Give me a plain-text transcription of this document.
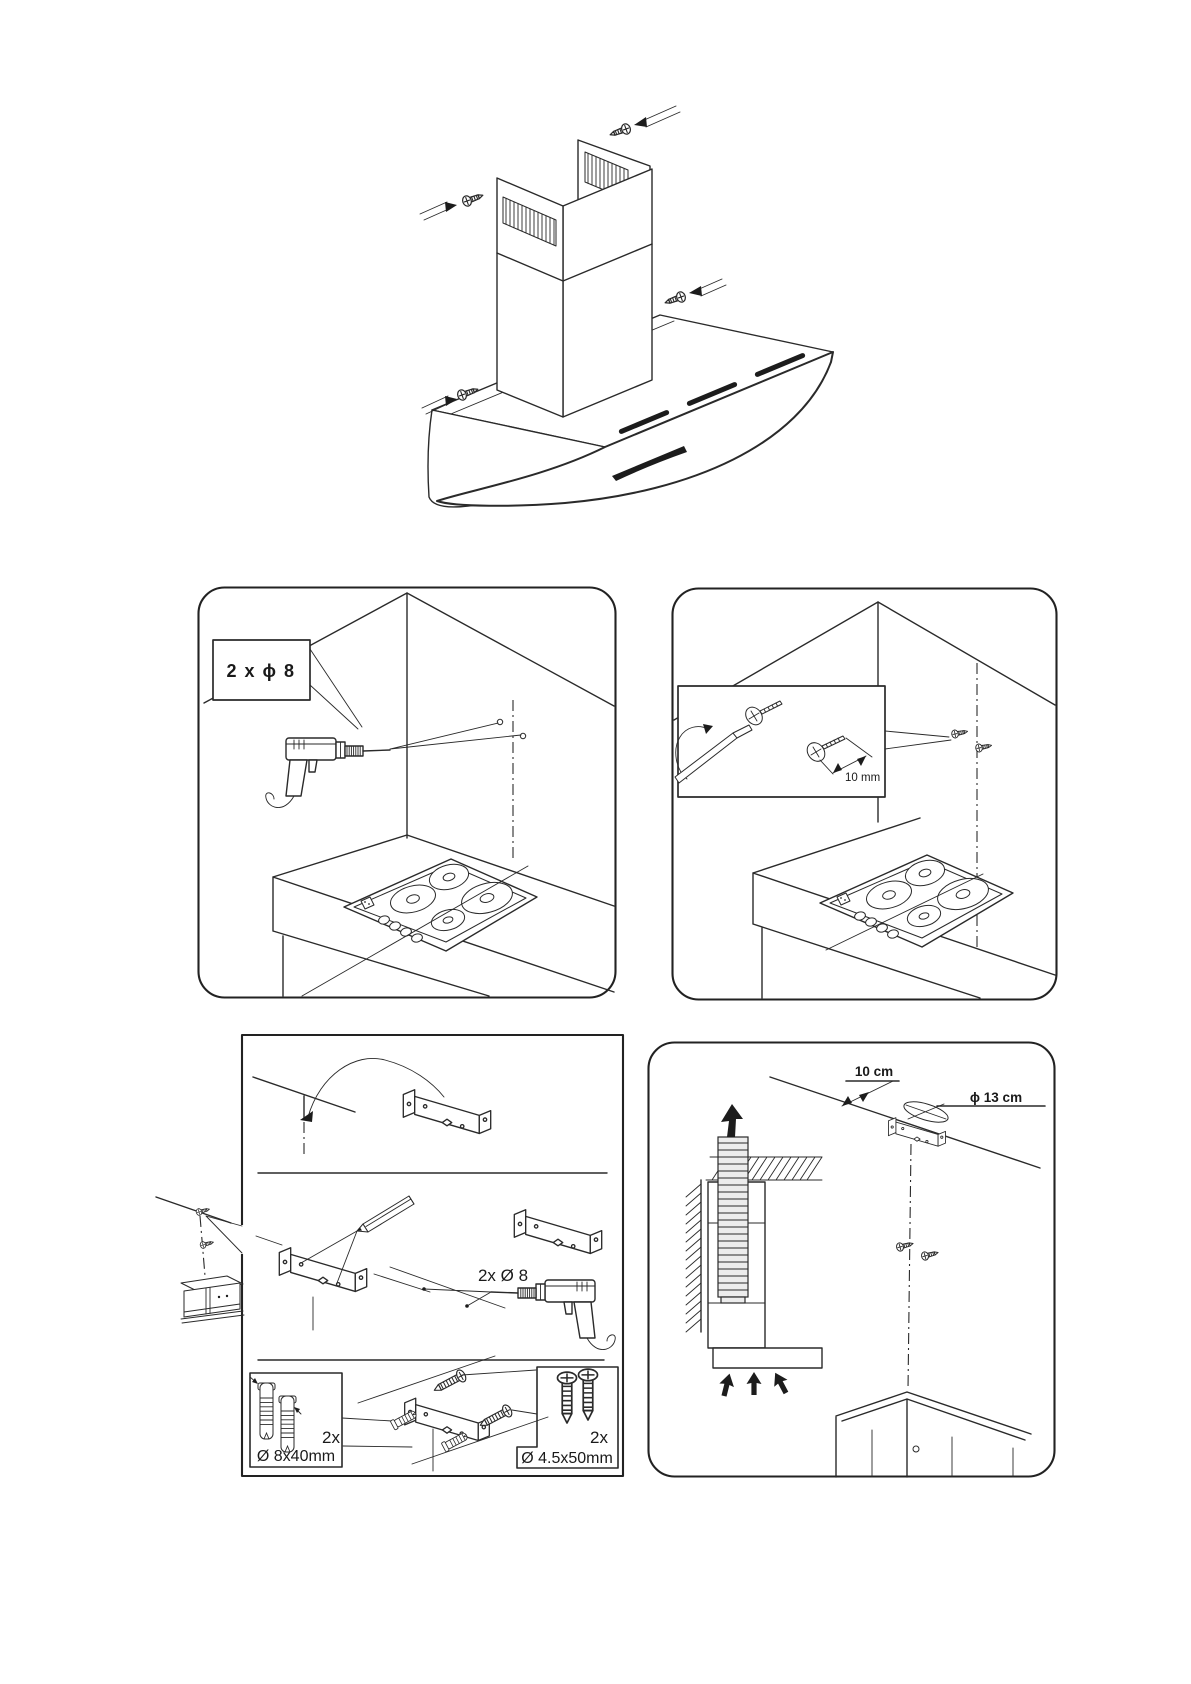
2 x ϕ 8
10 mm
2x Ø 8
2x
Ø 8x40mm
2x
Ø 4.5x50mm
10 cm
ϕ 13 cm
